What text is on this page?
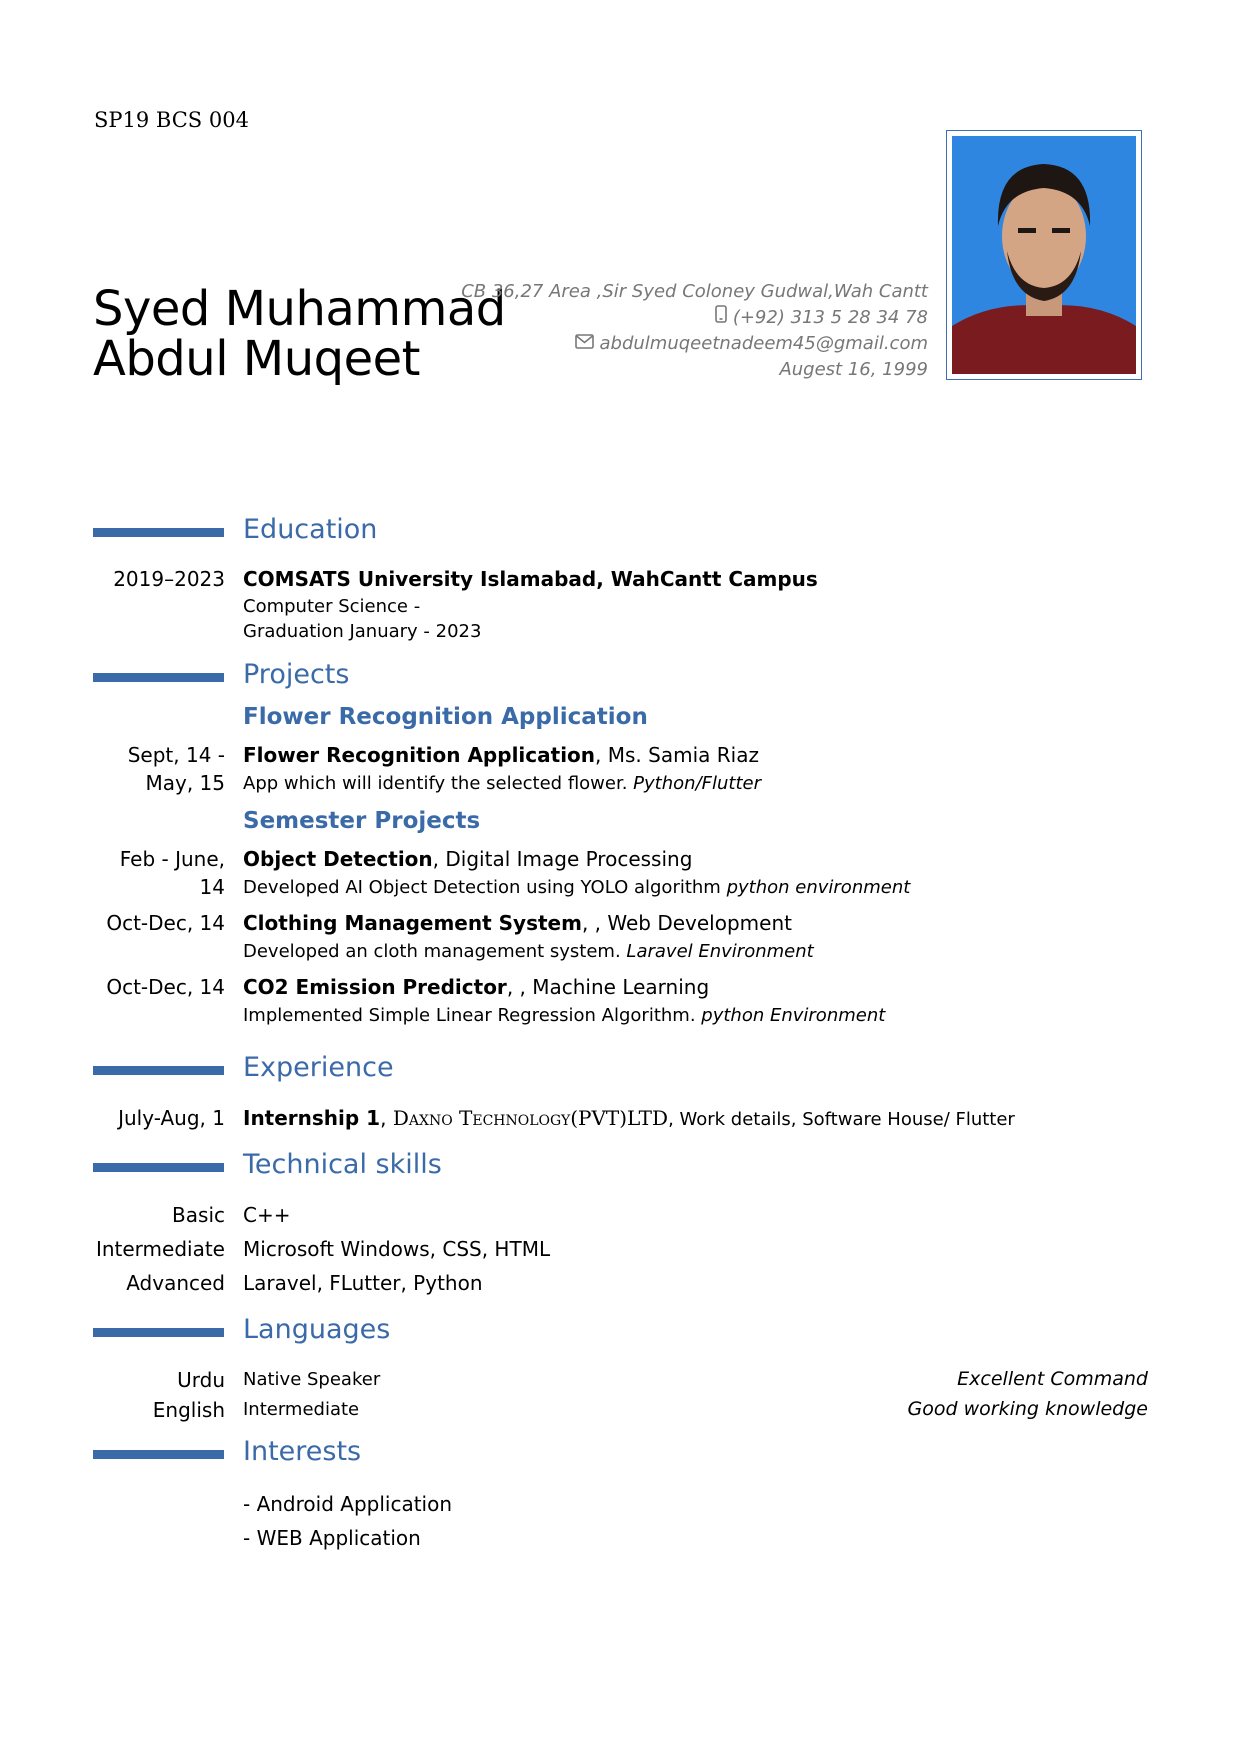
SP19 BCS 004
Syed Muhammad
Abdul Muqeet
CB 36,27 Area ,Sir Syed Coloney Gudwal,Wah Cantt
(+92) 313 5 28 34 78
abdulmuqeetnadeem45@gmail.com
Augest 16, 1999
Education
2019–2023 COMSATS University Islamabad, WahCantt Campus
Computer Science -
Graduation January - 2023
Projects
Flower Recognition Application
Sept, 14 -
May, 15
Flower Recognition Application, Ms. Samia Riaz
App which will identify the selected flower. Python/Flutter
Semester Projects
Feb - June,
14
Object Detection, Digital Image Processing
Developed AI Object Detection using YOLO algorithm python environment
Oct-Dec, 14 Clothing Management System, , Web Development
Developed an cloth management system. Laravel Environment
Oct-Dec, 14 CO2 Emission Predictor, , Machine Learning
Implemented Simple Linear Regression Algorithm. python Environment
Experience
July-Aug, 1 Internship 1, Daxno Technology(PVT)LTD, Work details, Software House/ Flutter
Technical skills
Basic C++
Intermediate Microsoft Windows, CSS, HTML
Advanced Laravel, FLutter, Python
Languages
Urdu Native Speaker	Excellent Command
English Intermediate	Good working knowledge
Interests
- Android Application
- WEB Application
